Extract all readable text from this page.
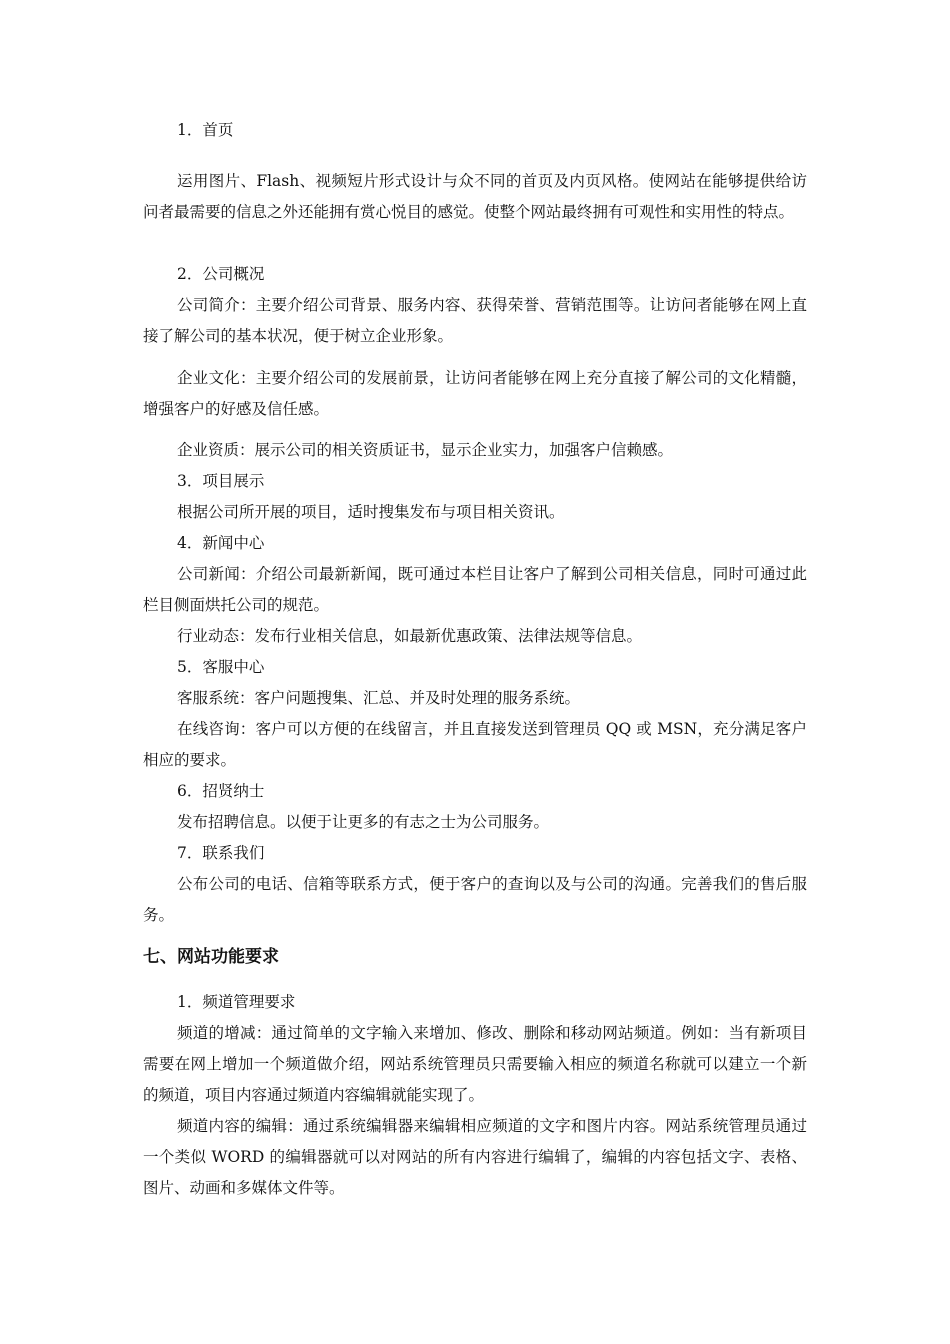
1．首页

运用图片、Flash、视频短片形式设计与众不同的首页及内页风格。使网站在能够提供给访问者最需要的信息之外还能拥有赏心悦目的感觉。使整个网站最终拥有可观性和实用性的特点。

2．公司概况

公司简介：主要介绍公司背景、服务内容、获得荣誉、营销范围等。让访问者能够在网上直接了解公司的基本状况，便于树立企业形象。

企业文化：主要介绍公司的发展前景，让访问者能够在网上充分直接了解公司的文化精髓，增强客户的好感及信任感。

企业资质：展示公司的相关资质证书，显示企业实力，加强客户信赖感。

3．项目展示

根据公司所开展的项目，适时搜集发布与项目相关资讯。

4．新闻中心

公司新闻：介绍公司最新新闻，既可通过本栏目让客户了解到公司相关信息，同时可通过此栏目侧面烘托公司的规范。

行业动态：发布行业相关信息，如最新优惠政策、法律法规等信息。

5．客服中心

客服系统：客户问题搜集、汇总、并及时处理的服务系统。

在线咨询：客户可以方便的在线留言，并且直接发送到管理员 QQ 或 MSN，充分满足客户相应的要求。

6．招贤纳士

发布招聘信息。以便于让更多的有志之士为公司服务。

7．联系我们

公布公司的电话、信箱等联系方式，便于客户的查询以及与公司的沟通。完善我们的售后服务。

七、网站功能要求

1．频道管理要求

频道的增减：通过简单的文字输入来增加、修改、删除和移动网站频道。例如：当有新项目需要在网上增加一个频道做介绍，网站系统管理员只需要输入相应的频道名称就可以建立一个新的频道，项目内容通过频道内容编辑就能实现了。

频道内容的编辑：通过系统编辑器来编辑相应频道的文字和图片内容。网站系统管理员通过一个类似 WORD 的编辑器就可以对网站的所有内容进行编辑了，编辑的内容包括文字、表格、图片、动画和多媒体文件等。
